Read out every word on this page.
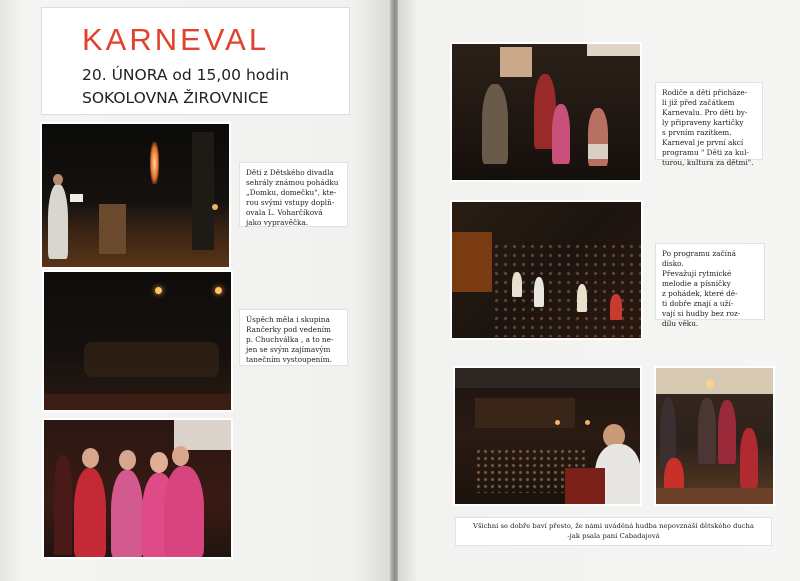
KARNEVAL
20. ÚNORA od 15,00 hodin
SOKOLOVNA ŽIROVNICE
Děti z Dětského divadla
sehrály známou pohádku
„Domku, domečku", kte-
rou svými vstupy doplň-
ovala L. Voharčíková
jako vypravěčka.
Úspěch měla i skupina
Rančerky pod vedením
p. Chuchválka , a to ne-
jen se svým zajímavým
tanečním vystoupením.
Rodiče a děti přicháze-
li již před začátkem
Karnevalu. Pro děti by-
ly připraveny kartičky
s prvním razítkem.
Karneval je první akcí
programu " Děti za kul-
turou, kultura za dětmi".
Po programu začíná
disko.
Převažují rytmické
melodie a písničky
z pohádek, které dě-
ti dobře znají a uží-
vají si hudby bez roz-
dílu věku.
Všichni se dobře baví přesto, že námi uváděná hudba nepovznáší dětského ducha
-jak psala paní Cabadajová
